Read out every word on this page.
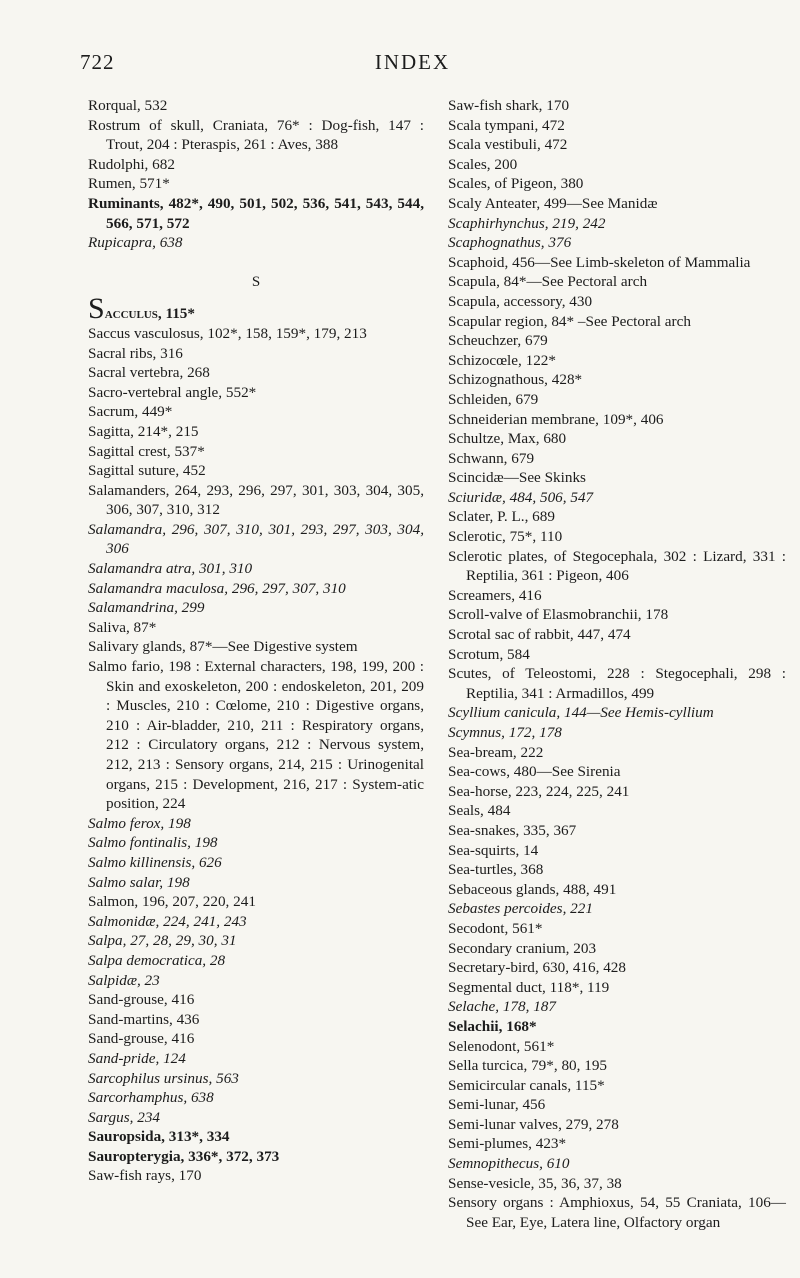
722	INDEX

Rorqual, 532

Rostrum of skull, Craniata, 76* : Dog-fish, 147 : Trout, 204 : Pteraspis, 261 : Aves, 388

Rudolphi, 682

Rumen, 571*

Ruminants, 482*, 490, 501, 502, 536, 541, 543, 544, 566, 571, 572

Rupicapra, 638

S

Sacculus, 115*

Saccus vasculosus, 102*, 158, 159*, 179, 213

Sacral ribs, 316

Sacral vertebra, 268

Sacro-vertebral angle, 552*

Sacrum, 449*

Sagitta, 214*, 215

Sagittal crest, 537*

Sagittal suture, 452

Salamanders, 264, 293, 296, 297, 301, 303, 304, 305, 306, 307, 310, 312

Salamandra, 296, 307, 310, 301, 293, 297, 303, 304, 306

Salamandra atra, 301, 310

Salamandra maculosa, 296, 297, 307, 310

Salamandrina, 299

Saliva, 87*

Salivary glands, 87*—See Digestive system

Salmo fario, 198 : External characters, 198, 199, 200 : Skin and exoskeleton, 200 : endoskeleton, 201, 209 : Muscles, 210 : Cœlome, 210 : Digestive organs, 210 : Air-bladder, 210, 211 : Respiratory organs, 212 : Circulatory organs, 212 : Nervous system, 212, 213 : Sensory organs, 214, 215 : Urinogenital organs, 215 : Development, 216, 217 : System-atic position, 224

Salmo ferox, 198

Salmo fontinalis, 198

Salmo killinensis, 626

Salmo salar, 198

Salmon, 196, 207, 220, 241

Salmonidæ, 224, 241, 243

Salpa, 27, 28, 29, 30, 31

Salpa democratica, 28

Salpidæ, 23

Sand-grouse, 416

Sand-martins, 436

Sand-grouse, 416

Sand-pride, 124

Sarcophilus ursinus, 563

Sarcorhamphus, 638

Sargus, 234

Sauropsida, 313*, 334

Sauropterygia, 336*, 372, 373

Saw-fish rays, 170

Saw-fish shark, 170

Scala tympani, 472

Scala vestibuli, 472

Scales, 200

Scales, of Pigeon, 380

Scaly Anteater, 499—See Manidæ

Scaphirhynchus, 219, 242

Scaphognathus, 376

Scaphoid, 456—See Limb-skeleton of Mammalia

Scapula, 84*—See Pectoral arch

Scapula, accessory, 430

Scapular region, 84* –See Pectoral arch

Scheuchzer, 679

Schizocœle, 122*

Schizognathous, 428*

Schleiden, 679

Schneiderian membrane, 109*, 406

Schultze, Max, 680

Schwann, 679

Scincidæ—See Skinks

Sciuridæ, 484, 506, 547

Sclater, P. L., 689

Sclerotic, 75*, 110

Sclerotic plates, of Stegocephala, 302 : Lizard, 331 : Reptilia, 361 : Pigeon, 406

Screamers, 416

Scroll-valve of Elasmobranchii, 178

Scrotal sac of rabbit, 447, 474

Scrotum, 584

Scutes, of Teleostomi, 228 : Stegocephali, 298 : Reptilia, 341 : Armadillos, 499

Scyllium canicula, 144—See Hemis-cyllium

Scymnus, 172, 178

Sea-bream, 222

Sea-cows, 480—See Sirenia

Sea-horse, 223, 224, 225, 241

Seals, 484

Sea-snakes, 335, 367

Sea-squirts, 14

Sea-turtles, 368

Sebaceous glands, 488, 491

Sebastes percoides, 221

Secodont, 561*

Secondary cranium, 203

Secretary-bird, 630, 416, 428

Segmental duct, 118*, 119

Selache, 178, 187

Selachii, 168*

Selenodont, 561*

Sella turcica, 79*, 80, 195

Semicircular canals, 115*

Semi-lunar, 456

Semi-lunar valves, 279, 278

Semi-plumes, 423*

Semnopithecus, 610

Sense-vesicle, 35, 36, 37, 38

Sensory organs : Amphioxus, 54, 55 Craniata, 106—See Ear, Eye, Latera line, Olfactory organ
